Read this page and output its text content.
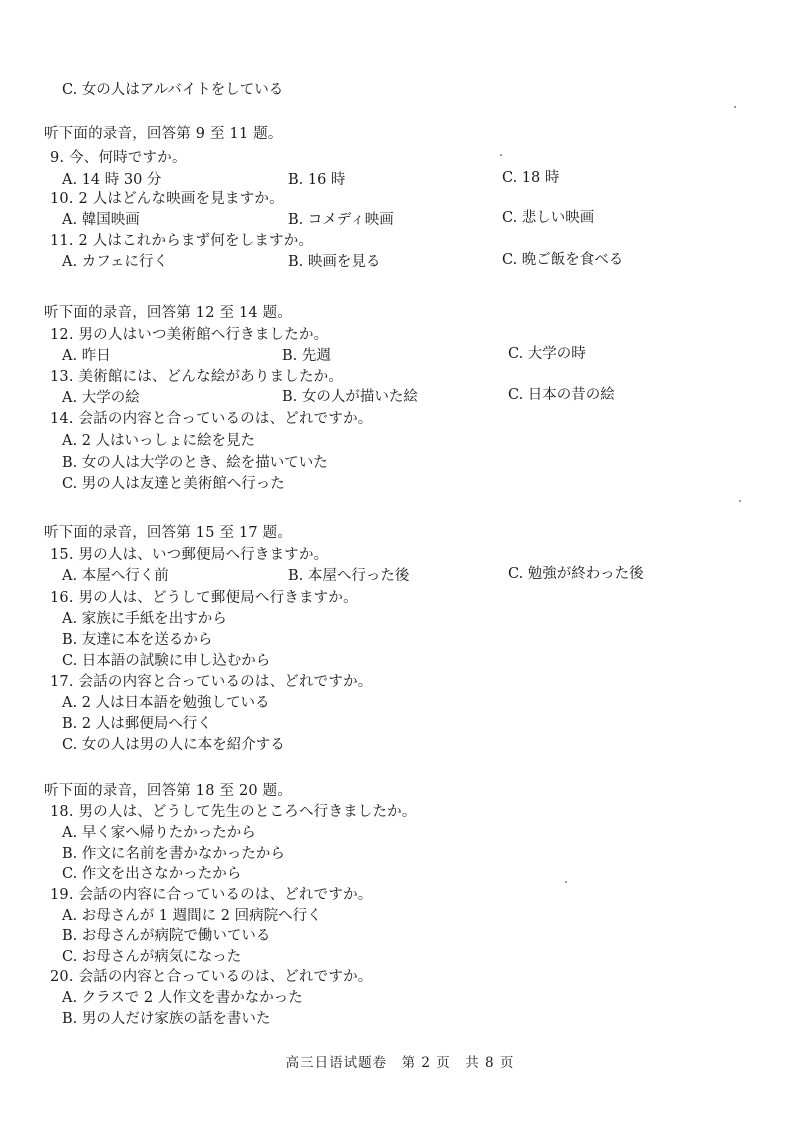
C. 女の人はアルバイトをしている
听下面的录音，回答第 9 至 11 题。
9. 今、何時ですか。
A. 14 時 30 分	B. 16 時	C. 18 時
10. 2 人はどんな映画を見ますか。
A. 韓国映画	B. コメディ映画	C. 悲しい映画
11. 2 人はこれからまず何をしますか。
A. カフェに行く	B. 映画を見る	C. 晩ご飯を食べる
听下面的录音，回答第 12 至 14 题。
12. 男の人はいつ美術館へ行きましたか。
A. 昨日	B. 先週	C. 大学の時
13. 美術館には、どんな絵がありましたか。
A. 大学の絵	B. 女の人が描いた絵	C. 日本の昔の絵
14. 会話の内容と合っているのは、どれですか。
A. 2 人はいっしょに絵を見た
B. 女の人は大学のとき、絵を描いていた
C. 男の人は友達と美術館へ行った
听下面的录音，回答第 15 至 17 题。
15. 男の人は、いつ郵便局へ行きますか。
A. 本屋へ行く前	B. 本屋へ行った後	C. 勉強が終わった後
16. 男の人は、どうして郵便局へ行きますか。
A. 家族に手紙を出すから
B. 友達に本を送るから
C. 日本語の試験に申し込むから
17. 会話の内容と合っているのは、どれですか。
A. 2 人は日本語を勉強している
B. 2 人は郵便局へ行く
C. 女の人は男の人に本を紹介する
听下面的录音，回答第 18 至 20 题。
18. 男の人は、どうして先生のところへ行きましたか。
A. 早く家へ帰りたかったから
B. 作文に名前を書かなかったから
C. 作文を出さなかったから
19. 会話の内容に合っているのは、どれですか。
A. お母さんが 1 週間に 2 回病院へ行く
B. お母さんが病院で働いている
C. お母さんが病気になった
20. 会話の内容と合っているのは、どれですか。
A. クラスで 2 人作文を書かなかった
B. 男の人だけ家族の話を書いた
高三日语试题卷　第 2 页　共 8 页
